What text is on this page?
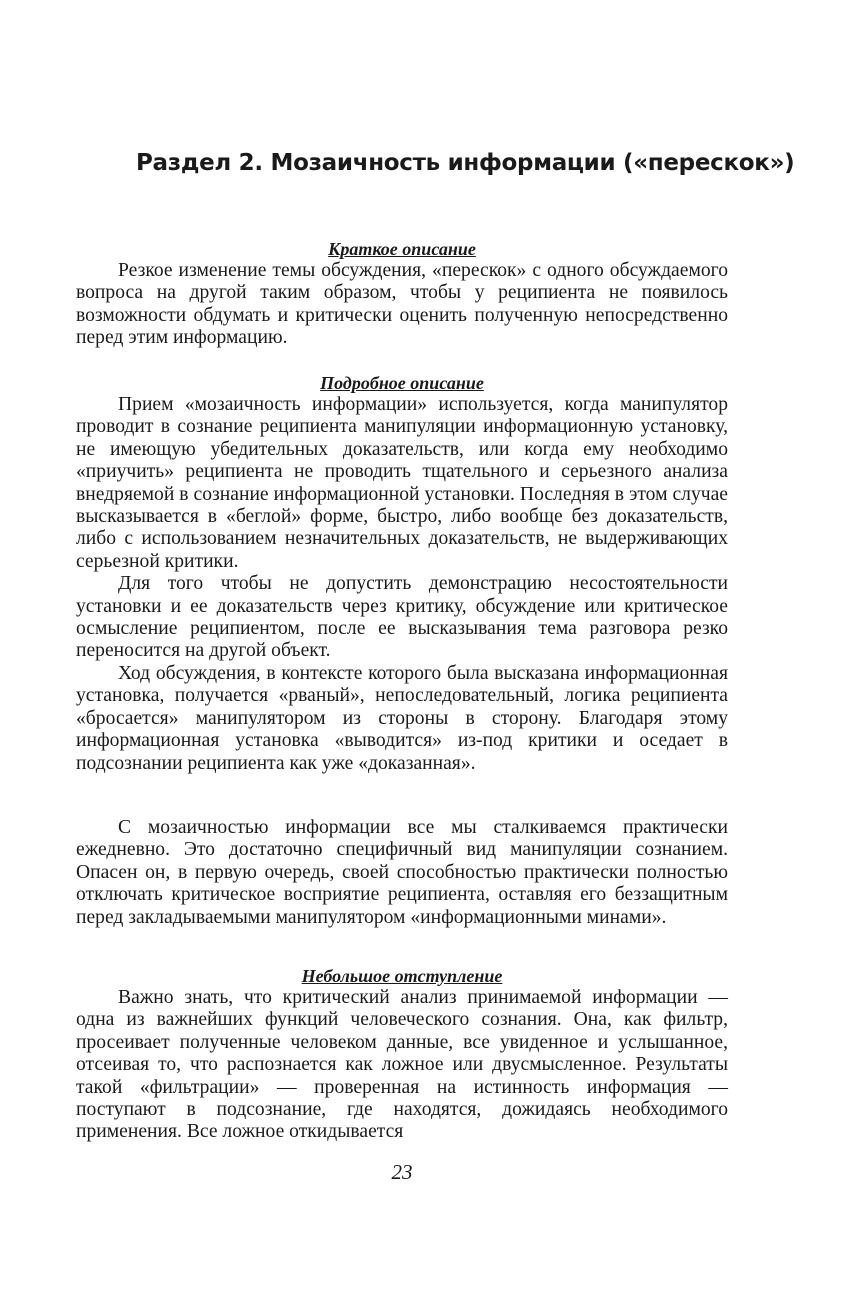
Раздел 2. Мозаичность информации («перескок»)
Краткое описание

Резкое изменение темы обсуждения, «перескок» с одного обсуждаемого вопроса на другой таким образом, чтобы у реципиента не появилось возможности обдумать и критически оценить полученную непосредственно перед этим информацию.

Подробное описание

Прием «мозаичность информации» используется, когда манипулятор проводит в сознание реципиента манипуляции информационную установку, не имеющую убедительных доказательств, или когда ему необходимо «приучить» реципиента не проводить тщательного и серьезного анализа внедряемой в сознание информационной установки. Последняя в этом случае высказывается в «беглой» форме, быстро, либо вообще без доказательств, либо с использованием незначительных доказательств, не выдерживающих серьезной критики.

Для того чтобы не допустить демонстрацию несостоятельности установки и ее доказательств через критику, обсуждение или критическое осмысление реципиентом, после ее высказывания тема разговора резко переносится на другой объект.

Ход обсуждения, в контексте которого была высказана информационная установка, получается «рваный», непоследовательный, логика реципиента «бросается» манипулятором из стороны в сторону. Благодаря этому информационная установка «выводится» из-под критики и оседает в подсознании реципиента как уже «доказанная».

С мозаичностью информации все мы сталкиваемся практически ежедневно. Это достаточно специфичный вид манипуляции сознанием. Опасен он, в первую очередь, своей способностью практически полностью отключать критическое восприятие реципиента, оставляя его беззащитным перед закладываемыми манипулятором «информационными минами».

Небольшое отступление

Важно знать, что критический анализ принимаемой информации — одна из важнейших функций человеческого сознания. Она, как фильтр, просеивает полученные человеком данные, все увиденное и услышанное, отсеивая то, что распознается как ложное или двусмысленное. Результаты такой «фильтрации» — проверенная на истинность информация — поступают в подсознание, где находятся, дожидаясь необходимого применения. Все ложное откидывается

23
